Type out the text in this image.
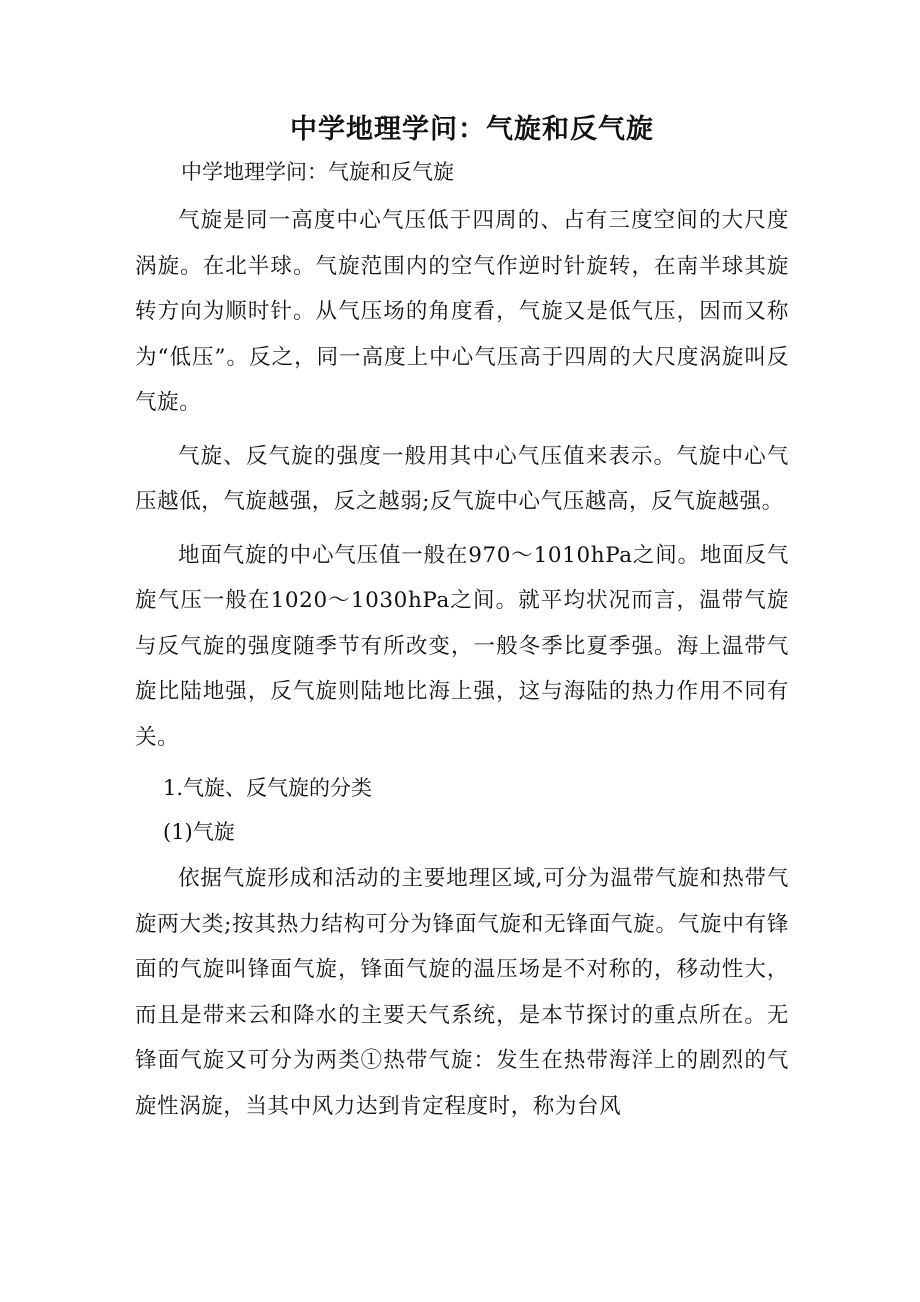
中学地理学问：气旋和反气旋

中学地理学问：气旋和反气旋

气旋是同一高度中心气压低于四周的、占有三度空间的大尺度涡旋。在北半球。气旋范围内的空气作逆时针旋转，在南半球其旋转方向为顺时针。从气压场的角度看，气旋又是低气压，因而又称为“低压”。反之，同一高度上中心气压高于四周的大尺度涡旋叫反气旋。

气旋、反气旋的强度一般用其中心气压值来表示。气旋中心气压越低，气旋越强，反之越弱;反气旋中心气压越高，反气旋越强。

地面气旋的中心气压值一般在970～1010hPa之间。地面反气旋气压一般在1020～1030hPa之间。就平均状况而言，温带气旋与反气旋的强度随季节有所改变，一般冬季比夏季强。海上温带气旋比陆地强，反气旋则陆地比海上强，这与海陆的热力作用不同有关。

1.气旋、反气旋的分类

(1)气旋

依据气旋形成和活动的主要地理区域,可分为温带气旋和热带气旋两大类;按其热力结构可分为锋面气旋和无锋面气旋。气旋中有锋面的气旋叫锋面气旋，锋面气旋的温压场是不对称的，移动性大，而且是带来云和降水的主要天气系统，是本节探讨的重点所在。无锋面气旋又可分为两类①热带气旋：发生在热带海洋上的剧烈的气旋性涡旋，当其中风力达到肯定程度时，称为台风
